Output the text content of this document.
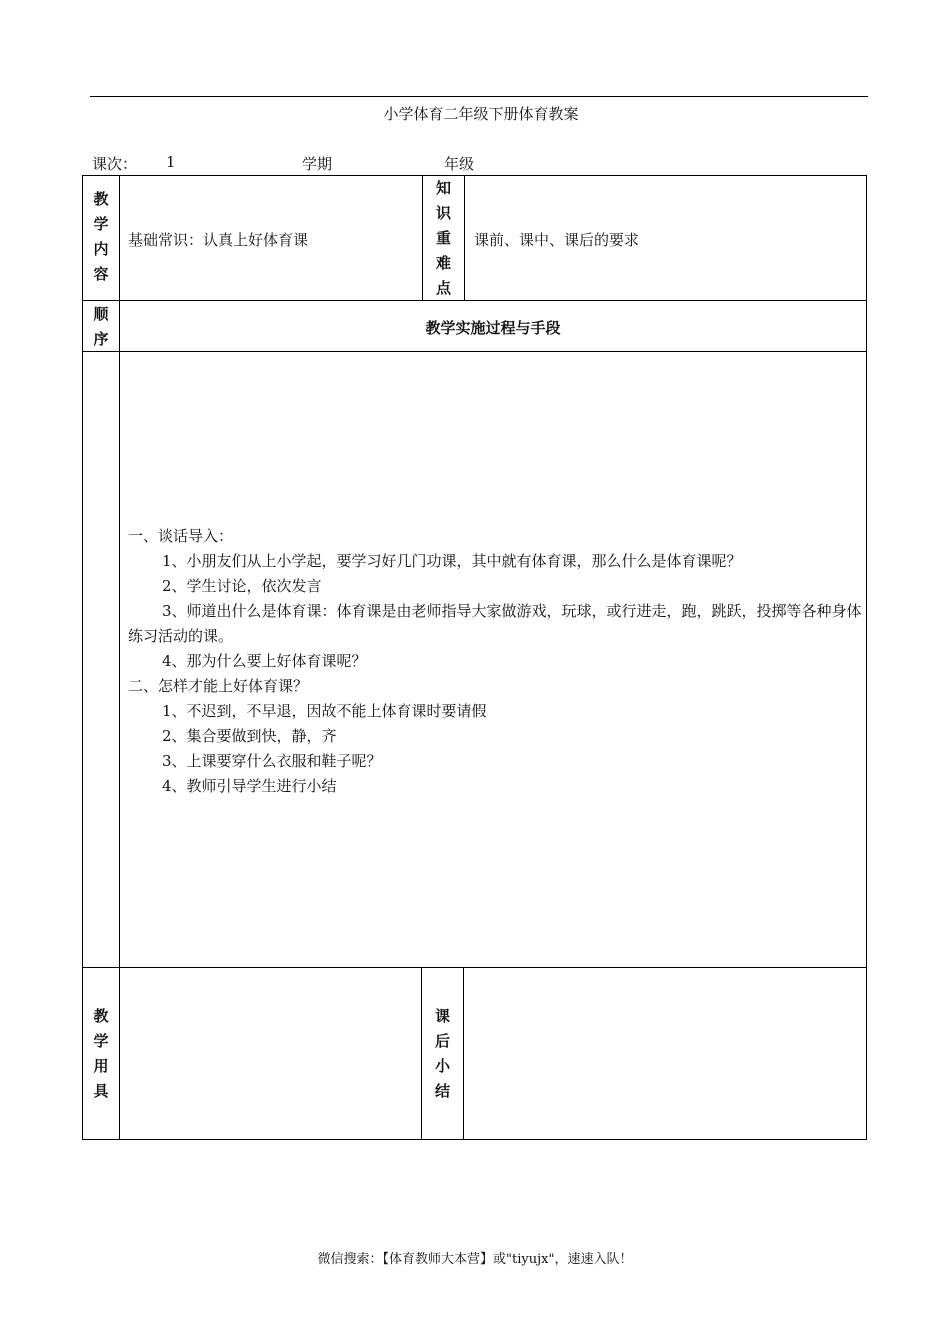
小学体育二年级下册体育教案
课次： 1	学期	年级
教
学
内
容
基础常识：认真上好体育课
知
识
重
难
点
课前、课中、课后的要求
顺
序
教学实施过程与手段

一、谈话导入：

1、小朋友们从上小学起，要学习好几门功课，其中就有体育课，那么什么是体育课呢？

2、学生讨论，依次发言

3、师道出什么是体育课：体育课是由老师指导大家做游戏，玩球，或行进走，跑，跳跃，投掷等各种身体练习活动的课。

4、那为什么要上好体育课呢？

二、怎样才能上好体育课？

1、不迟到，不早退，因故不能上体育课时要请假

2、集合要做到快，静，齐

3、上课要穿什么衣服和鞋子呢？

4、教师引导学生进行小结

教
学
用
具
课
后
小
结
微信搜索：【体育教师大本营】或"tiyujx"，速速入队！
